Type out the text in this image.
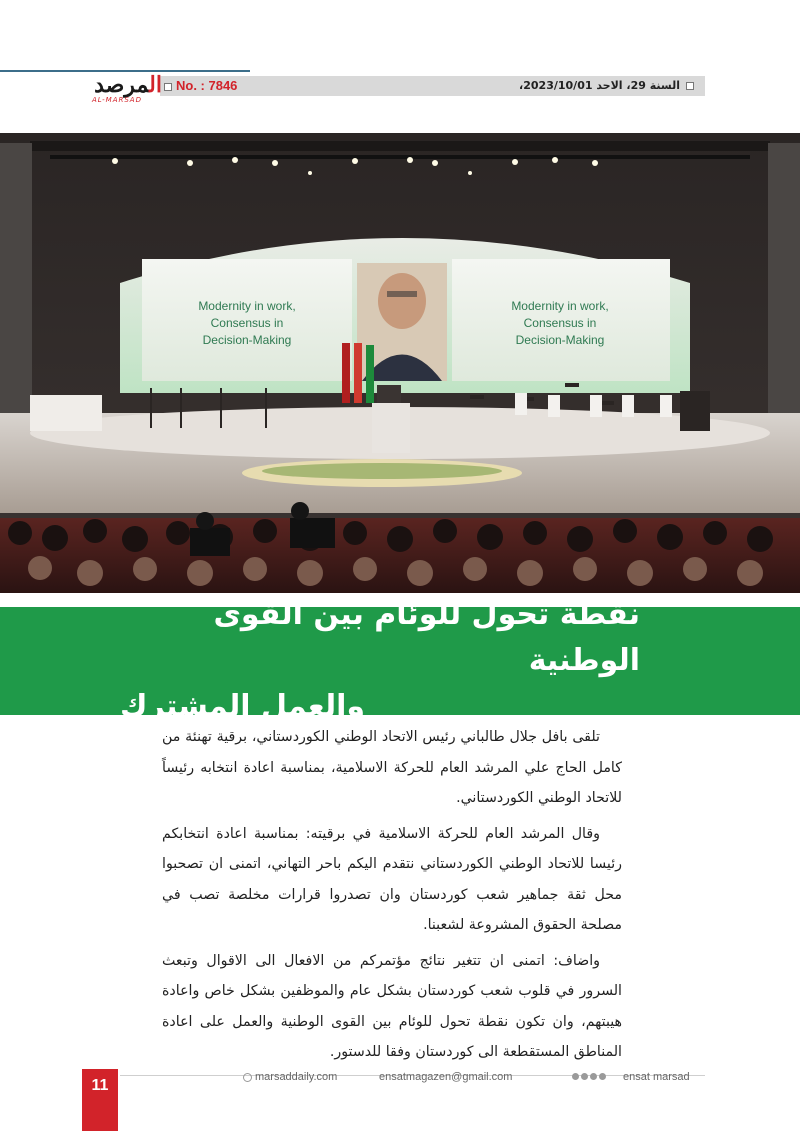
المرصد
AL-MARSAD
No. : 7846	السنة 29، الاحد 2023/10/01،
Modernity in work,
Consensus in
Decision-Making
Modernity in work,
Consensus in
Decision-Making
نقطة تحول للوئام بين القوى الوطنية
والعمل المشترك

تلقى بافل جلال طالباني رئيس الاتحاد الوطني الكوردستاني، برقية تهنئة من كامل الحاج علي المرشد العام للحركة الاسلامية، بمناسبة اعادة انتخابه رئيساً للاتحاد الوطني الكوردستاني.

وقال المرشد العام للحركة الاسلامية في برقيته: بمناسبة اعادة انتخابكم رئيسا للاتحاد الوطني الكوردستاني نتقدم اليكم باحر التهاني، اتمنى ان تصحبوا محل ثقة جماهير شعب كوردستان وان تصدروا قرارات مخلصة تصب في مصلحة الحقوق المشروعة لشعبنا.

واضاف: اتمنى ان تتغير نتائج مؤتمركم من الافعال الى الاقوال وتبعث السرور في قلوب شعب كوردستان بشكل عام والموظفين بشكل خاص واعادة هيبتهم، وان تكون نقطة تحول للوئام بين القوى الوطنية والعمل على اعادة المناطق المستقطعة الى كوردستان وفقا للدستور.

11	marsaddaily.com	ensatmagazen@gmail.com	ensat marsad
